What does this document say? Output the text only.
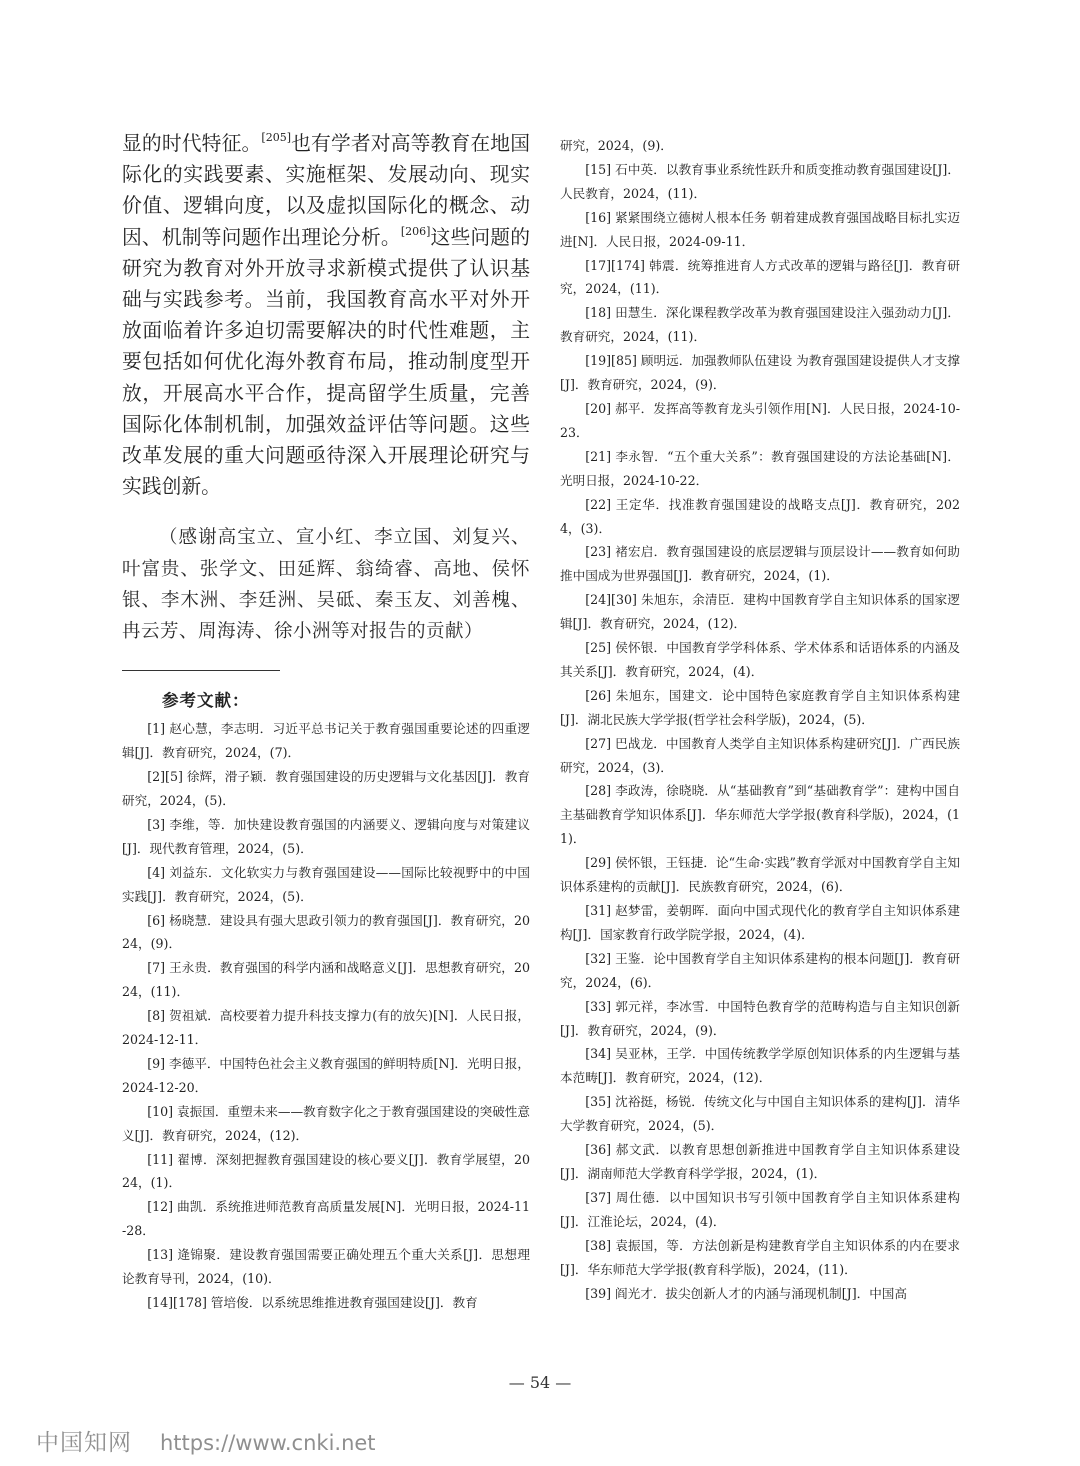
显的时代特征。[205]也有学者对高等教育在地国际化的实践要素、实施框架、发展动向、现实价值、逻辑向度，以及虚拟国际化的概念、动因、机制等问题作出理论分析。[206]这些问题的研究为教育对外开放寻求新模式提供了认识基础与实践参考。当前，我国教育高水平对外开放面临着许多迫切需要解决的时代性难题，主要包括如何优化海外教育布局，推动制度型开放，开展高水平合作，提高留学生质量，完善国际化体制机制，加强效益评估等问题。这些改革发展的重大问题亟待深入开展理论研究与实践创新。

（感谢高宝立、宣小红、李立国、刘复兴、叶富贵、张学文、田延辉、翁绮睿、高地、侯怀银、李木洲、李廷洲、吴砥、秦玉友、刘善槐、冉云芳、周海涛、徐小洲等对报告的贡献）

参考文献：
[1] 赵心慧，李志明．习近平总书记关于教育强国重要论述的四重逻辑[J]．教育研究，2024，(7)．
[2][5] 徐辉，滑子颖．教育强国建设的历史逻辑与文化基因[J]．教育研究，2024，(5)．
[3] 李维，等．加快建设教育强国的内涵要义、逻辑向度与对策建议[J]．现代教育管理，2024，(5)．
[4] 刘益东．文化软实力与教育强国建设——国际比较视野中的中国实践[J]．教育研究，2024，(5)．
[6] 杨晓慧．建设具有强大思政引领力的教育强国[J]．教育研究，2024，(9)．
[7] 王永贵．教育强国的科学内涵和战略意义[J]．思想教育研究，2024，(11)．
[8] 贺祖斌．高校要着力提升科技支撑力(有的放矢)[N]．人民日报，2024-12-11．
[9] 李德平．中国特色社会主义教育强国的鲜明特质[N]．光明日报，2024-12-20．
[10] 袁振国．重塑未来——教育数字化之于教育强国建设的突破性意义[J]．教育研究，2024，(12)．
[11] 翟博．深刻把握教育强国建设的核心要义[J]．教育学展望，2024，(1)．
[12] 曲凯．系统推进师范教育高质量发展[N]．光明日报，2024-11-28．
[13] 逄锦聚．建设教育强国需要正确处理五个重大关系[J]．思想理论教育导刊，2024，(10)．
[14][178] 管培俊．以系统思维推进教育强国建设[J]．教育
研究，2024，(9)．
[15] 石中英．以教育事业系统性跃升和质变推动教育强国建设[J]．人民教育，2024，(11)．
[16] 紧紧围绕立德树人根本任务 朝着建成教育强国战略目标扎实迈进[N]．人民日报，2024-09-11．
[17][174] 韩震．统筹推进育人方式改革的逻辑与路径[J]．教育研究，2024，(11)．
[18] 田慧生．深化课程教学改革为教育强国建设注入强劲动力[J]．教育研究，2024，(11)．
[19][85] 顾明远．加强教师队伍建设 为教育强国建设提供人才支撑[J]．教育研究，2024，(9)．
[20] 郝平．发挥高等教育龙头引领作用[N]．人民日报，2024-10-23．
[21] 李永智．“五个重大关系”：教育强国建设的方法论基础[N]．光明日报，2024-10-22．
[22] 王定华．找准教育强国建设的战略支点[J]．教育研究，2024，(3)．
[23] 褚宏启．教育强国建设的底层逻辑与顶层设计——教育如何助推中国成为世界强国[J]．教育研究，2024，(1)．
[24][30] 朱旭东，余清臣．建构中国教育学自主知识体系的国家逻辑[J]．教育研究，2024，(12)．
[25] 侯怀银．中国教育学学科体系、学术体系和话语体系的内涵及其关系[J]．教育研究，2024，(4)．
[26] 朱旭东，国建文．论中国特色家庭教育学自主知识体系构建[J]．湖北民族大学学报(哲学社会科学版)，2024，(5)．
[27] 巴战龙．中国教育人类学自主知识体系构建研究[J]．广西民族研究，2024，(3)．
[28] 李政涛，徐晓晓．从“基础教育”到“基础教育学”：建构中国自主基础教育学知识体系[J]．华东师范大学学报(教育科学版)，2024，(11)．
[29] 侯怀银，王钰捷．论“生命·实践”教育学派对中国教育学自主知识体系建构的贡献[J]．民族教育研究，2024，(6)．
[31] 赵梦雷，姜朝晖．面向中国式现代化的教育学自主知识体系建构[J]．国家教育行政学院学报，2024，(4)．
[32] 王鉴．论中国教育学自主知识体系建构的根本问题[J]．教育研究，2024，(6)．
[33] 郭元祥，李冰雪．中国特色教育学的范畴构造与自主知识创新[J]．教育研究，2024，(9)．
[34] 吴亚林，王学．中国传统教学学原创知识体系的内生逻辑与基本范畴[J]．教育研究，2024，(12)．
[35] 沈裕挺，杨锐．传统文化与中国自主知识体系的建构[J]．清华大学教育研究，2024，(5)．
[36] 郝文武．以教育思想创新推进中国教育学自主知识体系建设[J]．湖南师范大学教育科学学报，2024，(1)．
[37] 周仕德．以中国知识书写引领中国教育学自主知识体系建构[J]．江淮论坛，2024，(4)．
[38] 袁振国，等．方法创新是构建教育学自主知识体系的内在要求[J]．华东师范大学学报(教育科学版)，2024，(11)．
[39] 阎光才．拔尖创新人才的内涵与涌现机制[J]．中国高
— 54 —
中国知网 https://www.cnki.net
